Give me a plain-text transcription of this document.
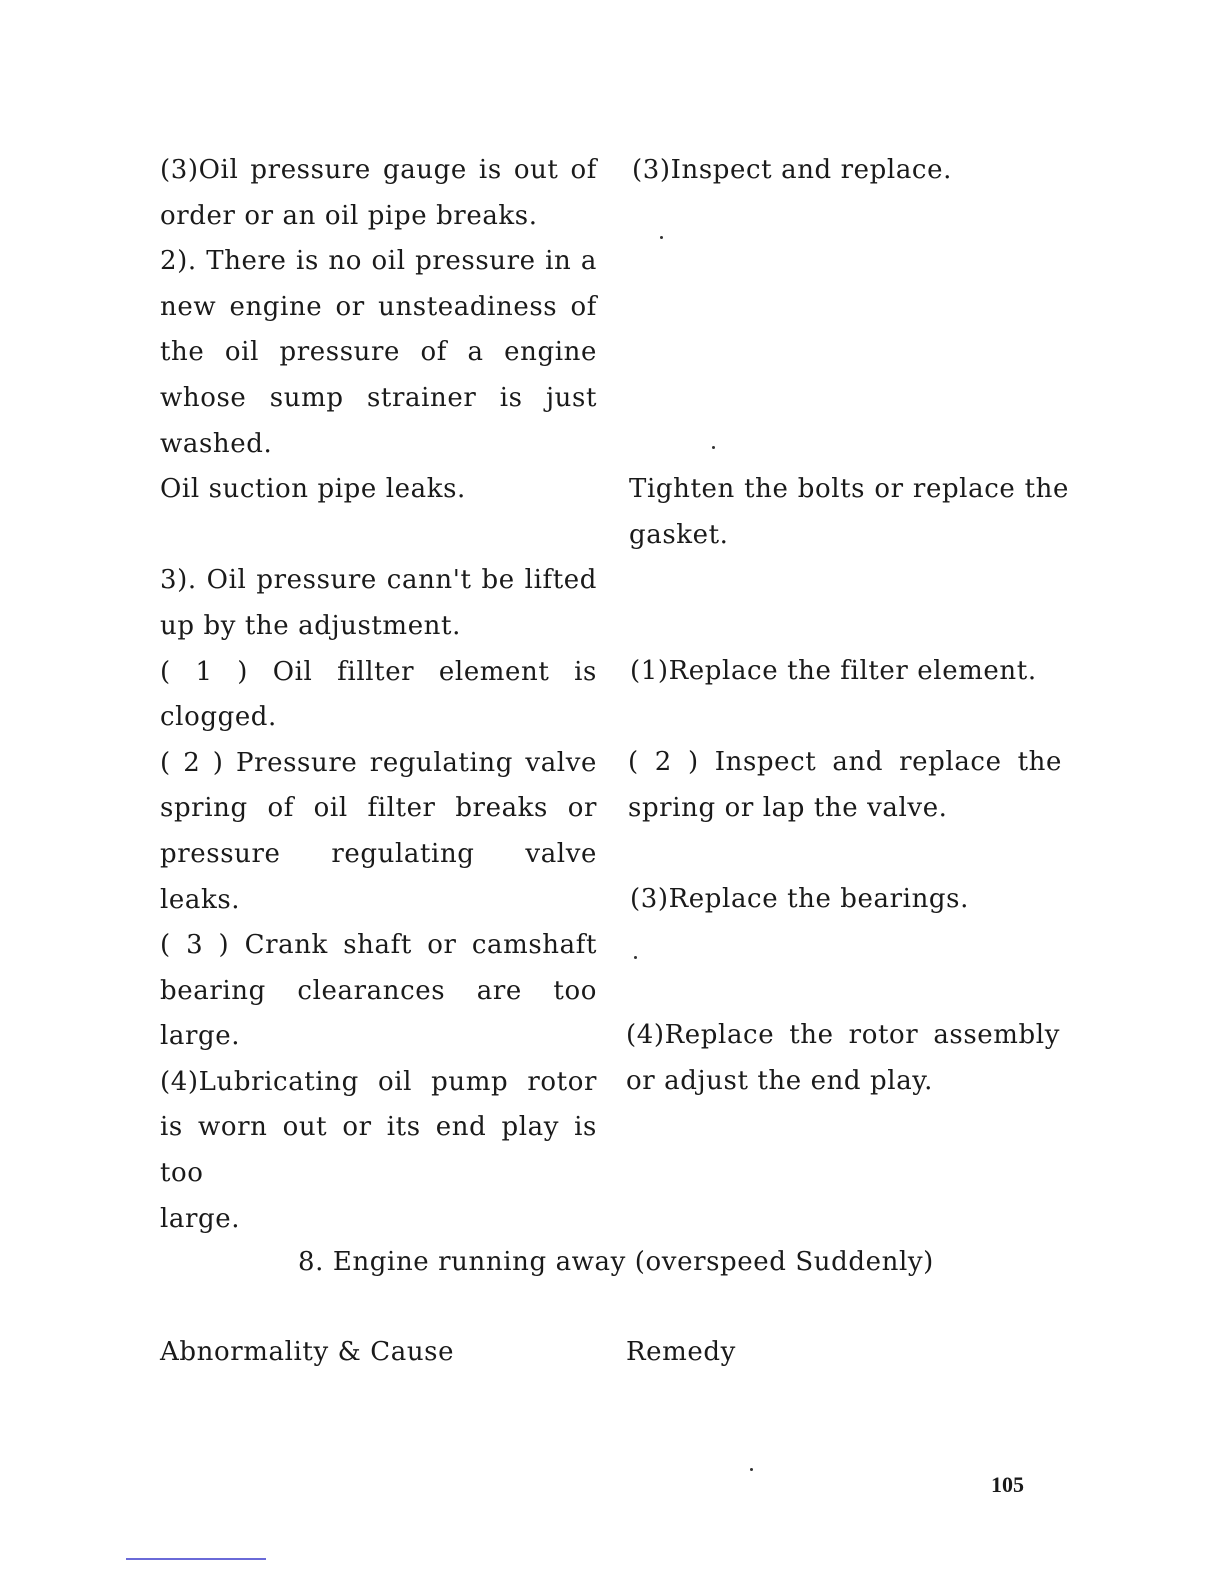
(3)Oil pressure gauge is out of
order or an oil pipe breaks.
2). There is no oil pressure in a
new engine or unsteadiness of
the oil pressure of a engine
whose sump strainer is just
washed.
Oil suction pipe leaks.

3). Oil pressure cann't be lifted
up by the adjustment.
( 1 ) Oil fillter element is
clogged.
( 2 ) Pressure regulating valve
spring of oil filter breaks or
pressure regulating valve leaks.
( 3 ) Crank shaft or camshaft
bearing clearances are too
large.
(4)Lubricating oil pump rotor
is worn out or its end play is too
large.
(3)Inspect and replace.
Tighten the bolts or replace the
gasket.
(1)Replace the filter element.
( 2 ) Inspect and replace the
spring or lap the valve.
(3)Replace the bearings.
(4)Replace the rotor assembly
or adjust the end play.
8. Engine running away (overspeed Suddenly)
Abnormality & Cause	Remedy
105
